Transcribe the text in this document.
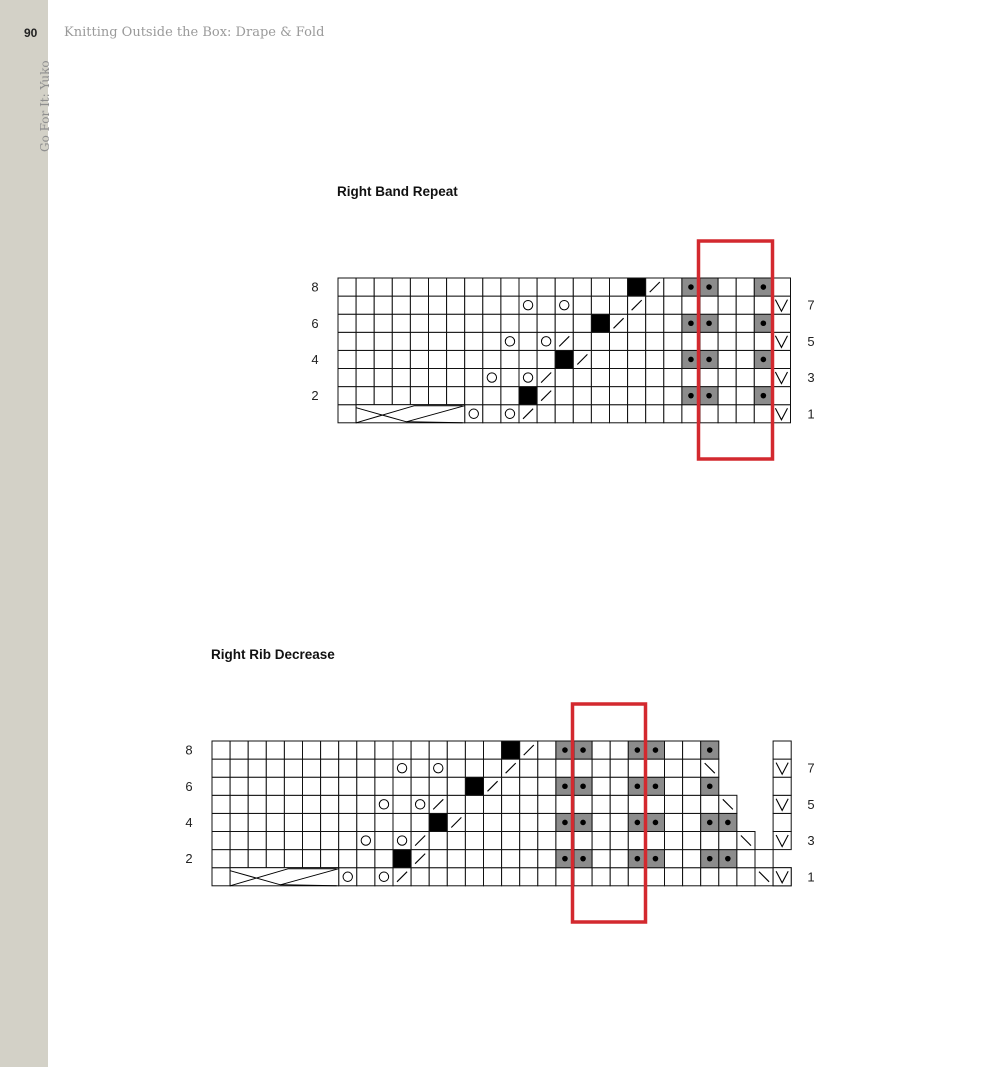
90 Knitting Outside the Box: Drape & Fold
Go For It: Yuko
Right Band Repeat
Right Rib Decrease
8
6
4
2
7
5
3
1
8
6
4
2
7
5
3
1
